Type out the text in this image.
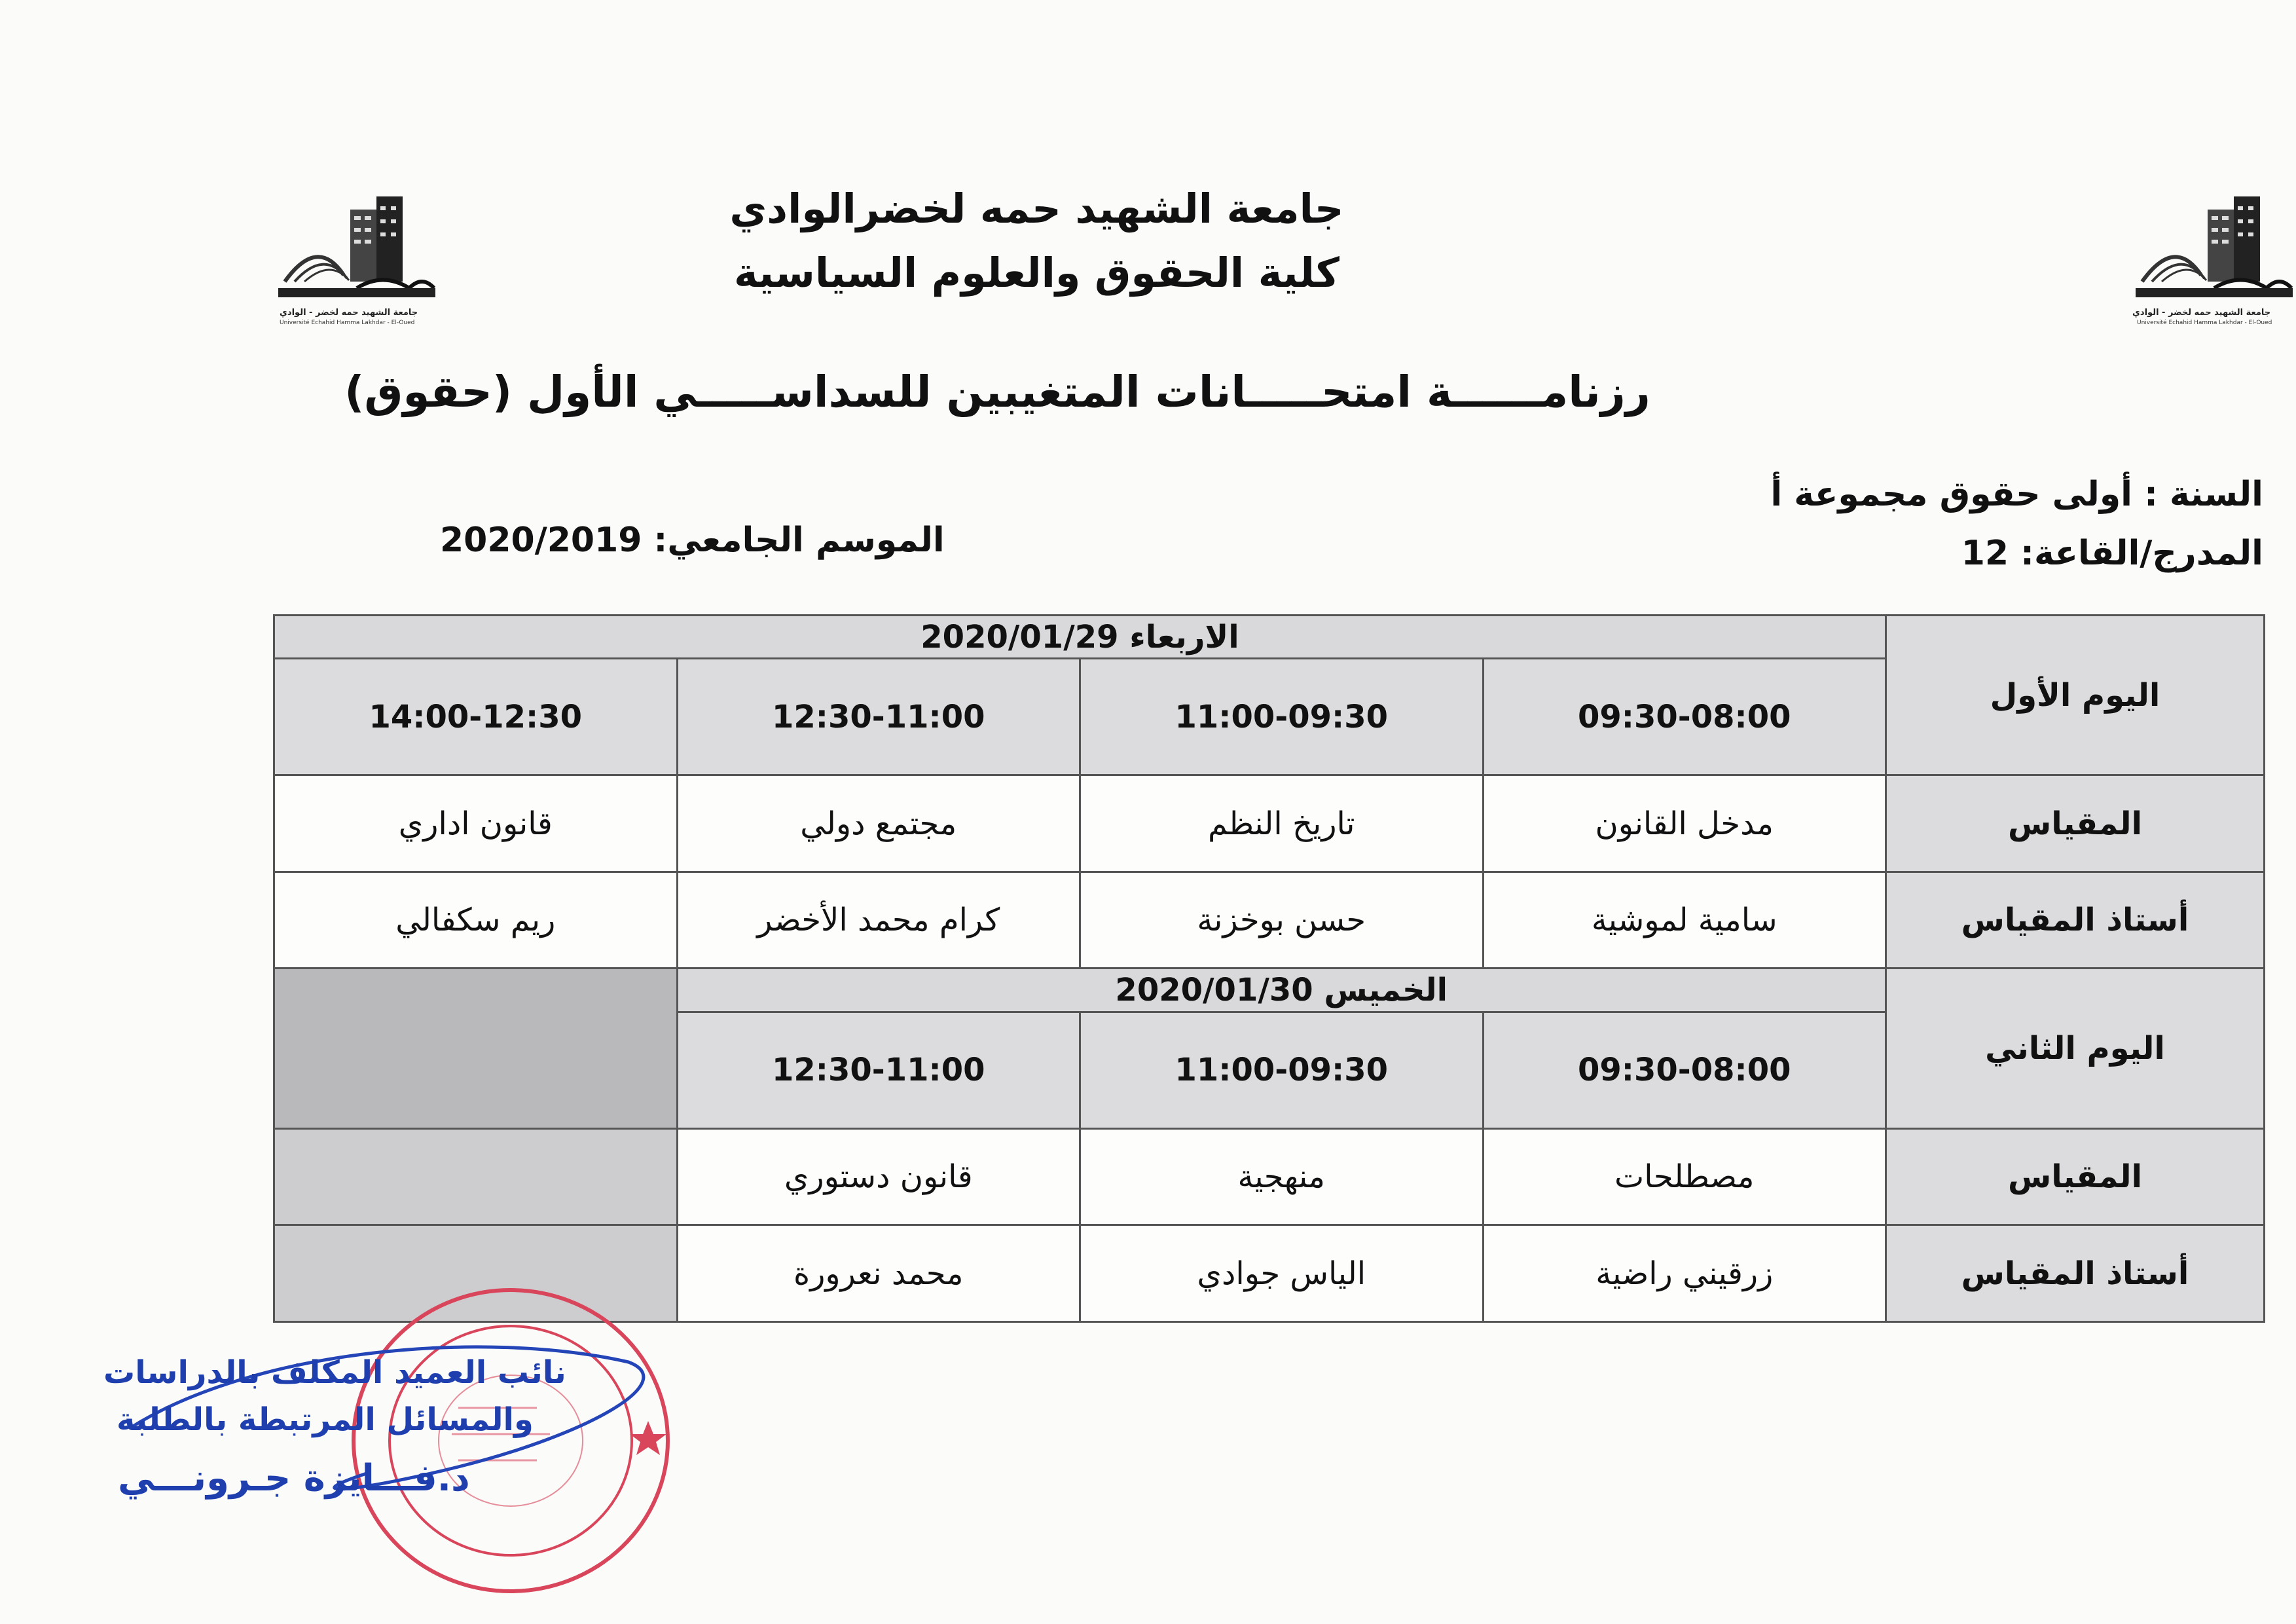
جامعة الشهيد حمه لخضر - الوادي
Université Echahid Hamma Lakhdar - El-Oued
جامعة الشهيد حمه لخضر - الوادي
Université Echahid Hamma Lakhdar - El-Oued
جامعة الشهيد حمه لخضرالوادي
كلية الحقوق والعلوم السياسية
رزنامــــــة امتحـــــانات المتغيبين للسداســـــي الأول (حقوق)
السنة : أولى حقوق مجموعة أ
المدرج/القاعة: 12
الموسم الجامعي: 2020/2019
اليوم الأول	الاربعاء 2020/01/29			
	09:30-08:00	11:00-09:30	12:30-11:00	14:00-12:30
المقياس	مدخل القانون	تاريخ النظم	مجتمع دولي	قانون اداري
أستاذ المقياس	سامية لموشية	حسن بوخزنة	كرام محمد الأخضر	ريم سكفالي
اليوم الثاني	الخميس 2020/01/30			
	09:30-08:00	11:00-09:30	12:30-11:00	
المقياس	مصطلحات	منهجية	قانون دستوري	
أستاذ المقياس	زرقيني راضية	الياس جوادي	محمد نعرورة	
نائب العميد المكلف بالدراسات
والمسائل المرتبطة بالطلبة
د.فـــايزة جـرونـــي
